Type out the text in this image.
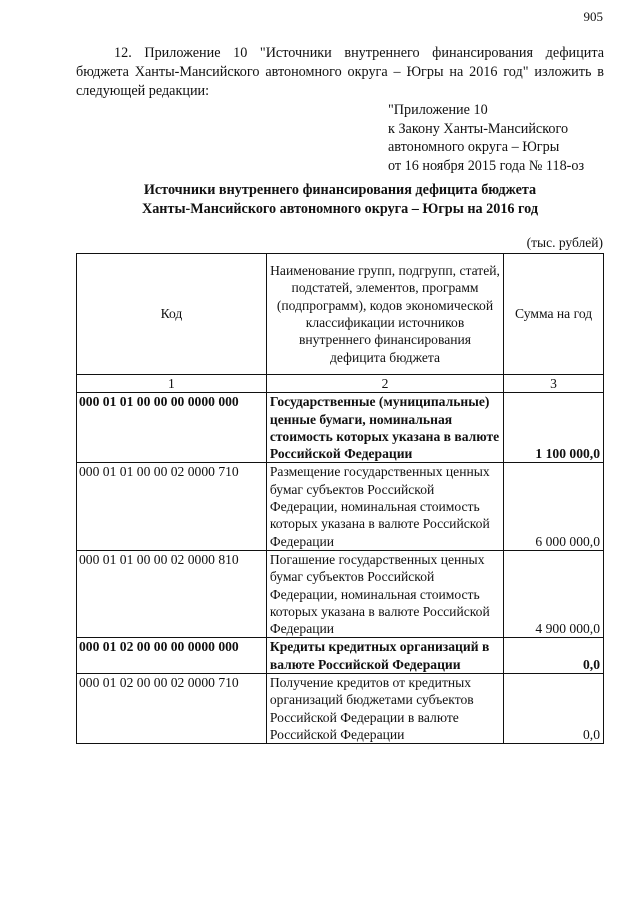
905

12. Приложение 10 "Источники внутреннего финансирования дефицита бюджета Ханты-Мансийского автономного округа – Югры на 2016 год" изложить в следующей редакции:

"Приложение 10
к Закону Ханты-Мансийского
автономного округа – Югры
от 16 ноября 2015 года № 118-оз
Источники внутреннего финансирования дефицита бюджета
Ханты-Мансийского автономного округа – Югры на 2016 год
(тыс. рублей)
Код	Наименование групп, подгрупп, статей, подстатей, элементов, программ (подпрограмм), кодов экономической классификации источников внутреннего финансирования дефицита бюджета	Сумма на год
1	2	3
000 01 01 00 00 00 0000 000	Государственные (муниципальные) ценные бумаги, номинальная стоимость которых указана в валюте Российской Федерации	1 100 000,0
000 01 01 00 00 02 0000 710	Размещение государственных ценных бумаг субъектов Российской Федерации, номинальная стоимость которых указана в валюте Российской Федерации	6 000 000,0
000 01 01 00 00 02 0000 810	Погашение государственных ценных бумаг субъектов Российской Федерации, номинальная стоимость которых указана в валюте Российской Федерации	4 900 000,0
000 01 02 00 00 00 0000 000	Кредиты кредитных организаций в валюте Российской Федерации	0,0
000 01 02 00 00 02 0000 710	Получение кредитов от кредитных организаций бюджетами субъектов Российской Федерации в валюте Российской Федерации	0,0
